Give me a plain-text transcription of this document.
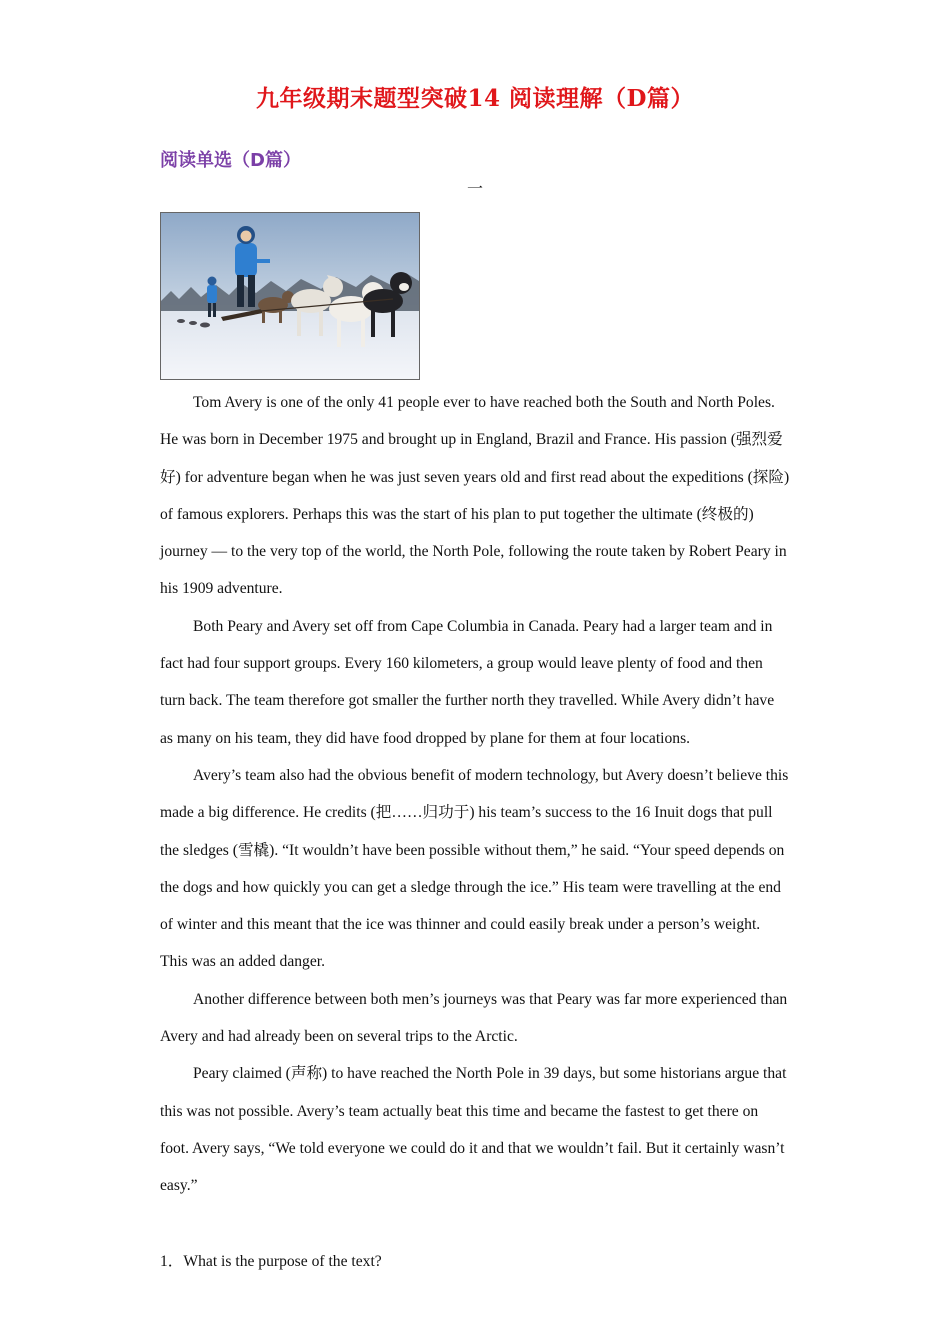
九年级期末题型突破14 阅读理解（D篇）
阅读单选（D篇）
一

Tom Avery is one of the only 41 people ever to have reached both the South and North Poles. He was born in December 1975 and brought up in England, Brazil and France. His passion (强烈爱好) for adventure began when he was just seven years old and first read about the expeditions (探险) of famous explorers. Perhaps this was the start of his plan to put together the ultimate (终极的) journey — to the very top of the world, the North Pole, following the route taken by Robert Peary in his 1909 adventure.

Both Peary and Avery set off from Cape Columbia in Canada. Peary had a larger team and in fact had four support groups. Every 160 kilometers, a group would leave plenty of food and then turn back. The team therefore got smaller the further north they travelled. While Avery didn’t have as many on his team, they did have food dropped by plane for them at four locations.

Avery’s team also had the obvious benefit of modern technology, but Avery doesn’t believe this made a big difference. He credits (把……归功于) his team’s success to the 16 Inuit dogs that pull the sledges (雪橇). “It wouldn’t have been possible without them,” he said. “Your speed depends on the dogs and how quickly you can get a sledge through the ice.” His team were travelling at the end of winter and this meant that the ice was thinner and could easily break under a person’s weight. This was an added danger.

Another difference between both men’s journeys was that Peary was far more experienced than Avery and had already been on several trips to the Arctic.

Peary claimed (声称) to have reached the North Pole in 39 days, but some historians argue that this was not possible. Avery’s team actually beat this time and became the fastest to get there on foot. Avery says, “We told everyone we could do it and that we wouldn’t fail. But it certainly wasn’t easy.”

1．What is the purpose of the text?
